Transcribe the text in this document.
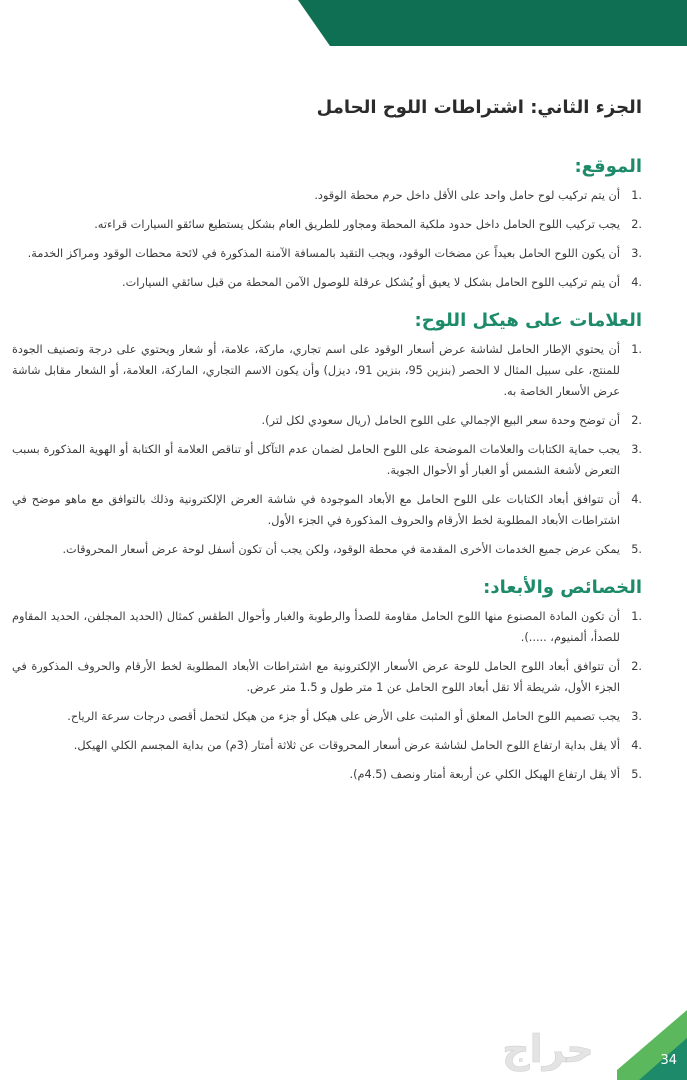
الجزء الثاني: اشتراطات اللوح الحامل
الموقع:
1.
أن يتم تركيب لوح حامل واحد على الأقل داخل حرم محطة الوقود.
2.
يجب تركيب اللوح الحامل داخل حدود ملكية المحطة ومجاور للطريق العام بشكل يستطيع سائقو السيارات قراءته.
3.
أن يكون اللوح الحامل بعيداً عن مضخات الوقود، ويجب التقيد بالمسافة الآمنة المذكورة في لائحة محطات الوقود ومراكز الخدمة.
4.
أن يتم تركيب اللوح الحامل بشكل لا يعيق أو يُشكل عرقلة للوصول الآمن المحطة من قبل سائقي السيارات.
العلامات على هيكل اللوح:
1.
أن يحتوي الإطار الحامل لشاشة عرض أسعار الوقود على اسم تجاري، ماركة، علامة، أو شعار ويحتوي على درجة وتصنيف الجودة للمنتج، على سبيل المثال لا الحصر (بنزين 95، بنزين 91، ديزل) وأن يكون الاسم التجاري، الماركة، العلامة، أو الشعار مقابل شاشة عرض الأسعار الخاصة به.
2.
أن توضح وحدة سعر البيع الإجمالي على اللوح الحامل (ريال سعودي لكل لتر).
3.
يجب حماية الكتابات والعلامات الموضحة على اللوح الحامل لضمان عدم التآكل أو تناقص العلامة أو الكتابة أو الهوية المذكورة بسبب التعرض لأشعة الشمس أو الغبار أو الأحوال الجوية.
4.
أن تتوافق أبعاد الكتابات على اللوح الحامل مع الأبعاد الموجودة في شاشة العرض الإلكترونية وذلك بالتوافق مع ماهو موضح في اشتراطات الأبعاد المطلوبة لخط الأرقام والحروف المذكورة في الجزء الأول.
5.
يمكن عرض جميع الخدمات الأخرى المقدمة في محطة الوقود، ولكن يجب أن تكون أسفل لوحة عرض أسعار المحروقات.
الخصائص والأبعاد:
1.
أن تكون المادة المصنوع منها اللوح الحامل مقاومة للصدأ والرطوبة والغبار وأحوال الطقس كمثال (الحديد المجلفن، الحديد المقاوم للصدأ، ألمنيوم، .....).
2.
أن تتوافق أبعاد اللوح الحامل للوحة عرض الأسعار الإلكترونية مع اشتراطات الأبعاد المطلوبة لخط الأرقام والحروف المذكورة في الجزء الأول، شريطة ألا تقل أبعاد اللوح الحامل عن 1 متر طول و 1.5 متر عرض.
3.
يجب تصميم اللوح الحامل المعلق أو المثبت على الأرض على هيكل أو جزء من هيكل لتحمل أقصى درجات سرعة الرياح.
4.
ألا يقل بداية ارتفاع اللوح الحامل لشاشة عرض أسعار المحروقات عن ثلاثة أمتار (3م) من بداية المجسم الكلي الهيكل.
5.
ألا يقل ارتفاع الهيكل الكلي عن أربعة أمتار ونصف (4.5م).
حراج	34
